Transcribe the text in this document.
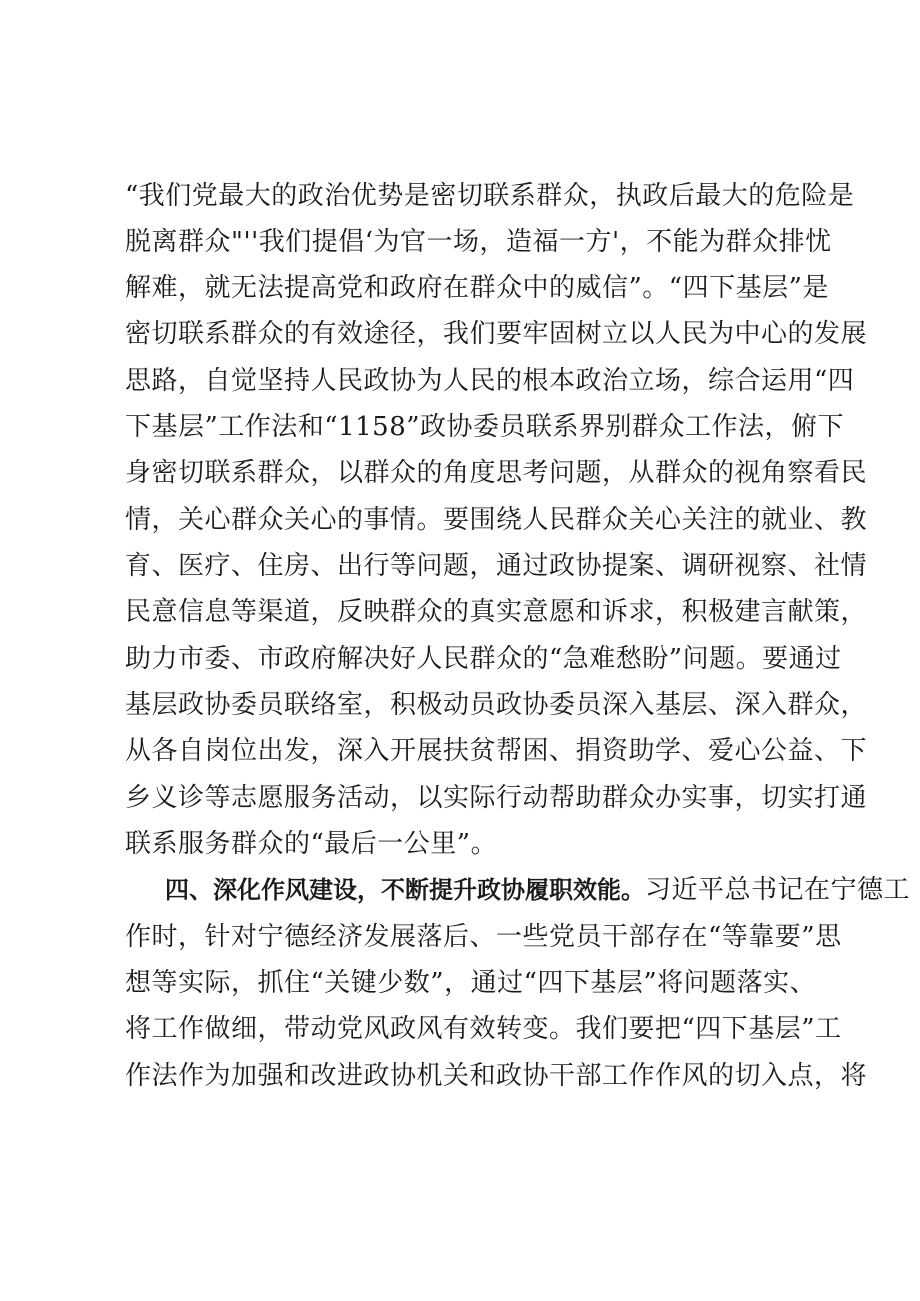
“我们党最大的政治优势是密切联系群众，执政后最大的危险是
脱离群众"''我们提倡‘为官一场，造福一方'，不能为群众排忧
解难，就无法提高党和政府在群众中的威信”。“四下基层”是
密切联系群众的有效途径，我们要牢固树立以人民为中心的发展
思路，自觉坚持人民政协为人民的根本政治立场，综合运用“四
下基层”工作法和“1158”政协委员联系界别群众工作法，俯下
身密切联系群众，以群众的角度思考问题，从群众的视角察看民
情，关心群众关心的事情。要围绕人民群众关心关注的就业、教
育、医疗、住房、出行等问题，通过政协提案、调研视察、社情
民意信息等渠道，反映群众的真实意愿和诉求，积极建言献策，
助力市委、市政府解决好人民群众的“急难愁盼”问题。要通过
基层政协委员联络室，积极动员政协委员深入基层、深入群众，
从各自岗位出发，深入开展扶贫帮困、捐资助学、爱心公益、下
乡义诊等志愿服务活动，以实际行动帮助群众办实事，切实打通
联系服务群众的“最后一公里”。
四、深化作风建设，不断提升政协履职效能。习近平总书记在宁德工
作时，针对宁德经济发展落后、一些党员干部存在“等靠要”思
想等实际，抓住“关键少数”，通过“四下基层”将问题落实、
将工作做细，带动党风政风有效转变。我们要把“四下基层”工
作法作为加强和改进政协机关和政协干部工作作风的切入点，将
